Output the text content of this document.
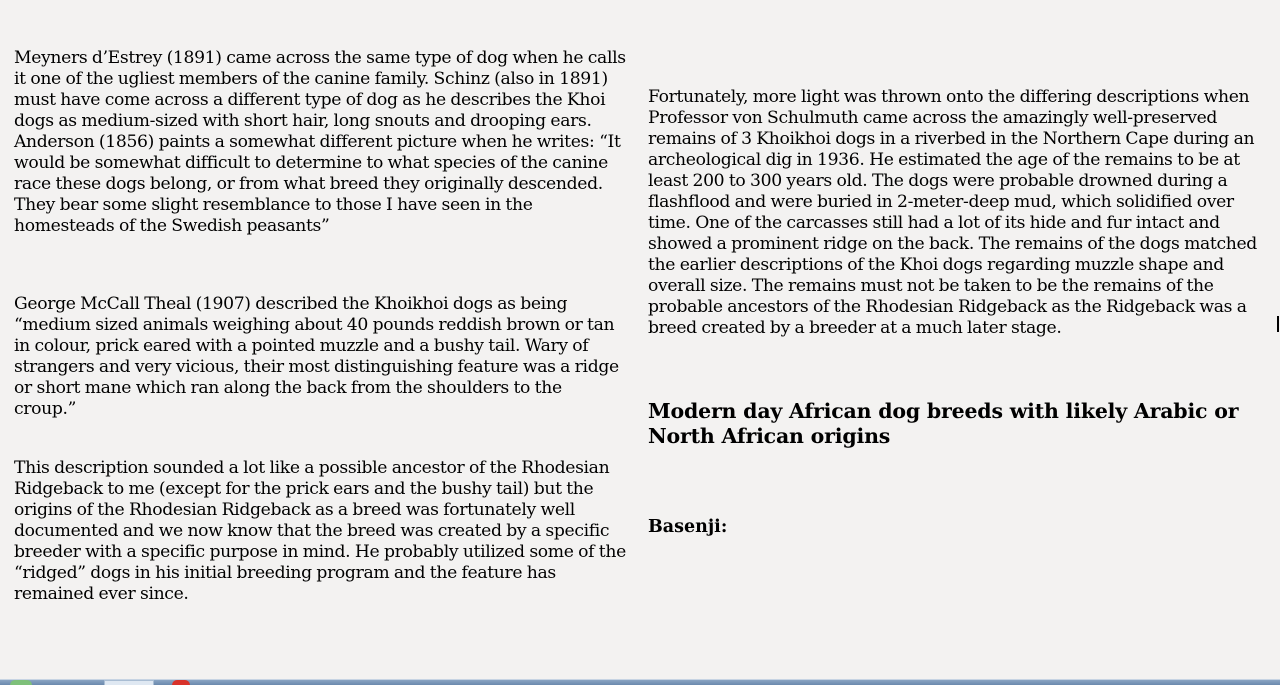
Meyners d’Estrey (1891) came across the same type of dog when he calls
it one of the ugliest members of the canine family. Schinz (also in 1891)
must have come across a different type of dog as he describes the Khoi
dogs as medium-sized with short hair, long snouts and drooping ears.
Anderson (1856) paints a somewhat different picture when he writes: “It
would be somewhat difficult to determine to what species of the canine
race these dogs belong, or from what breed they originally descended.
They bear some slight resemblance to those I have seen in the
homesteads of the Swedish peasants”

George McCall Theal (1907) described the Khoikhoi dogs as being
“medium sized animals weighing about 40 pounds reddish brown or tan
in colour, prick eared with a pointed muzzle and a bushy tail. Wary of
strangers and very vicious, their most distinguishing feature was a ridge
or short mane which ran along the back from the shoulders to the croup.”

This description sounded a lot like a possible ancestor of the Rhodesian
Ridgeback to me (except for the prick ears and the bushy tail) but the
origins of the Rhodesian Ridgeback as a breed was fortunately well
documented and we now know that the breed was created by a specific
breeder with a specific purpose in mind. He probably utilized some of the
“ridged” dogs in his initial breeding program and the feature has
remained ever since.

Fortunately, more light was thrown onto the differing descriptions when
Professor von Schulmuth came across the amazingly well-preserved
remains of 3 Khoikhoi dogs in a riverbed in the Northern Cape during an
archeological dig in 1936. He estimated the age of the remains to be at
least 200 to 300 years old. The dogs were probable drowned during a
flashflood and were buried in 2-meter-deep mud, which solidified over
time. One of the carcasses still had a lot of its hide and fur intact and
showed a prominent ridge on the back. The remains of the dogs matched
the earlier descriptions of the Khoi dogs regarding muzzle shape and
overall size. The remains must not be taken to be the remains of the
probable ancestors of the Rhodesian Ridgeback as the Ridgeback was a
breed created by a breeder at a much later stage.

Modern day African dog breeds with likely Arabic or
North African origins
Basenji:
